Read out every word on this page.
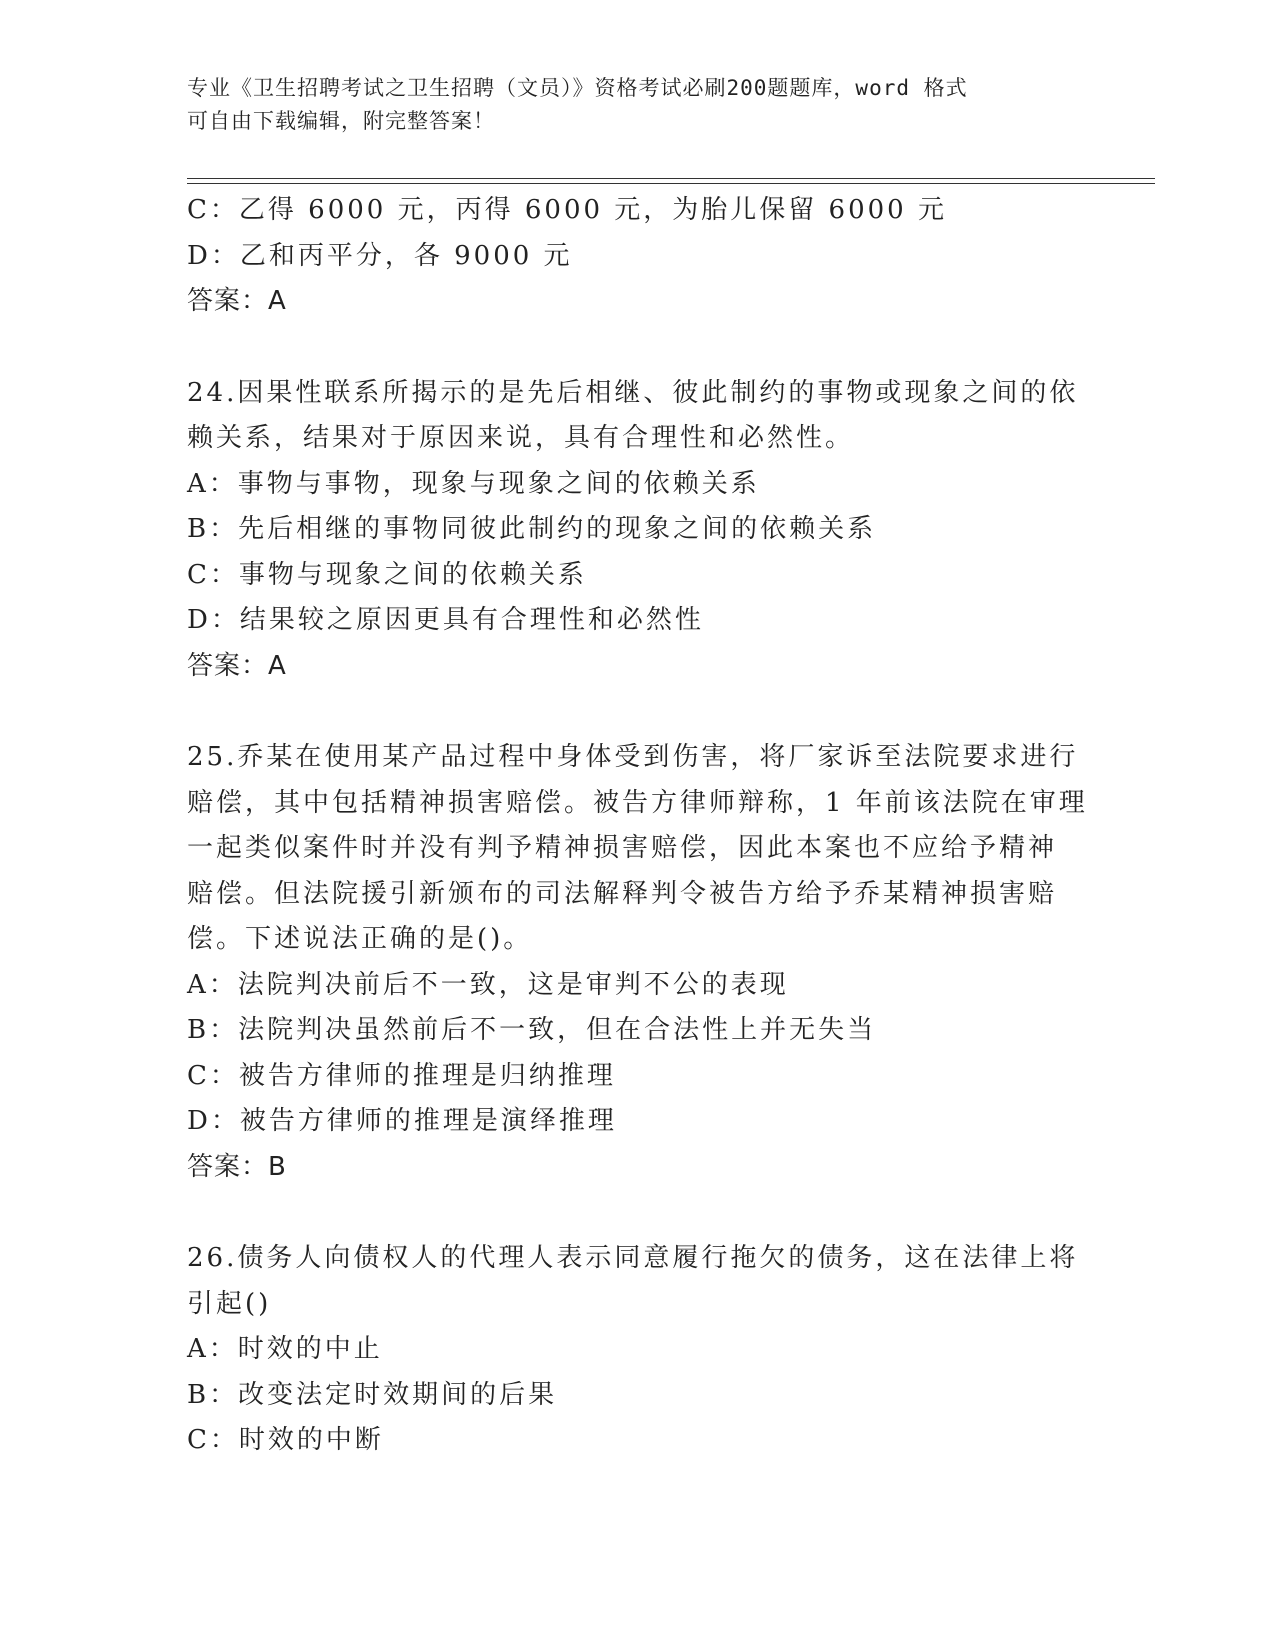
专业《卫生招聘考试之卫生招聘（文员）》资格考试必刷200题题库，word 格式
可自由下载编辑，附完整答案！
C：乙得 6000 元，丙得 6000 元，为胎儿保留 6000 元
D：乙和丙平分，各 9000 元
答案：A
24.因果性联系所揭示的是先后相继、彼此制约的事物或现象之间的依
赖关系，结果对于原因来说，具有合理性和必然性。
A：事物与事物，现象与现象之间的依赖关系
B：先后相继的事物同彼此制约的现象之间的依赖关系
C：事物与现象之间的依赖关系
D：结果较之原因更具有合理性和必然性
答案：A
25.乔某在使用某产品过程中身体受到伤害，将厂家诉至法院要求进行
赔偿，其中包括精神损害赔偿。被告方律师辩称，1 年前该法院在审理
一起类似案件时并没有判予精神损害赔偿，因此本案也不应给予精神
赔偿。但法院援引新颁布的司法解释判令被告方给予乔某精神损害赔
偿。下述说法正确的是()。
A：法院判决前后不一致，这是审判不公的表现
B：法院判决虽然前后不一致，但在合法性上并无失当
C：被告方律师的推理是归纳推理
D：被告方律师的推理是演绎推理
答案：B
26.债务人向债权人的代理人表示同意履行拖欠的债务，这在法律上将
引起()
A：时效的中止
B：改变法定时效期间的后果
C：时效的中断
